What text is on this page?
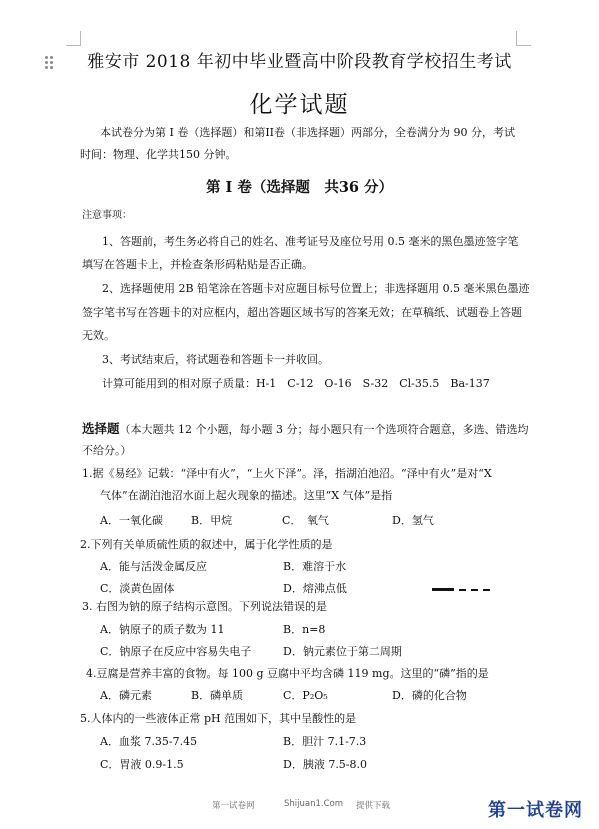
雅安市 2018 年初中毕业暨高中阶段教育学校招生考试
化学试题
本试卷分为第 I 卷（选择题）和第II卷（非选择题）两部分，全卷满分为 90 分，考试
时间：物理、化学共150 分钟。
第 I 卷（选择题　共36 分）
注意事项：
1、答题前，考生务必将自己的姓名、准考证号及座位号用 0.5 毫米的黑色墨迹签字笔
填写在答题卡上，并检查条形码粘贴是否正确。
2、选择题使用 2B 铅笔涂在答题卡对应题目标号位置上；非选择题用 0.5 毫米黑色墨迹
签字笔书写在答题卡的对应框内，超出答题区域书写的答案无效；在草稿纸、试题卷上答题
无效。
3、考试结束后，将试题卷和答题卡一并收回。
计算可能用到的相对原子质量：H-1　C-12　O-16　S-32　Cl-35.5　Ba-137
选择题（本大题共 12 个小题，每小题 3 分；每小题只有一个选项符合题意，多选、错选均
不给分。）
1.据《易经》记载：“泽中有火”，“上火下泽”。泽，指湖泊池沼。“泽中有火”是对“X
气体”在湖泊池沼水面上起火现象的描述。这里“X 气体”是指
A．一氧化碳	B．甲烷	C．　氧气	D．氢气
2.下列有关单质硫性质的叙述中，属于化学性质的是
A．能与活泼金属反应	B．难溶于水
C．淡黄色固体	D．熔沸点低
3. 右图为钠的原子结构示意图。下列说法错误的是
A．钠原子的质子数为 11	B．n=8
C．钠原子在反应中容易失电子	D．钠元素位于第二周期
4.豆腐是营养丰富的食物。每 100 g 豆腐中平均含磷 119 mg。这里的“磷”指的是
A．磷元素	B．磷单质	C．P₂O₅	D．磷的化合物
5.人体内的一些液体正常 pH 范围如下，其中呈酸性的是
A．血浆 7.35-7.45	B．胆汁 7.1-7.3
C．胃液 0.9-1.5	D．胰液 7.5-8.0
第一试卷网	Shijuan1.Com 提供下载	第一试卷网
